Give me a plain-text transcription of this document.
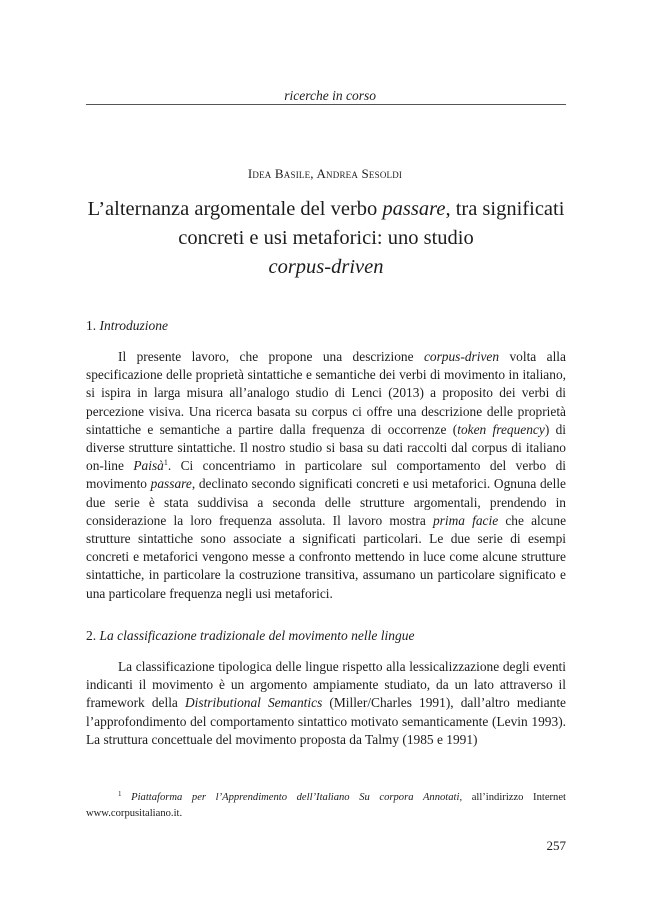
ricerche in corso
Idea Basile, Andrea Sesoldi
L’alternanza argomentale del verbo passare, tra significati concreti e usi metaforici: uno studio
corpus-driven
1. Introduzione

Il presente lavoro, che propone una descrizione corpus-driven volta alla specificazione delle proprietà sintattiche e semantiche dei verbi di movimento in italiano, si ispira in larga misura all’analogo studio di Lenci (2013) a proposito dei verbi di percezione visiva. Una ricerca basata su corpus ci offre una descrizione delle proprietà sintattiche e semantiche a partire dalla frequenza di occorrenze (token frequency) di diverse strutture sintattiche. Il nostro studio si basa su dati raccolti dal corpus di italiano on-line Paisà$^1$. Ci concentriamo in particolare sul comportamento del verbo di movimento passare, declinato secondo significati concreti e usi metaforici. Ognuna delle due serie è stata suddivisa a seconda delle strutture argomentali, prendendo in considerazione la loro frequenza assoluta. Il lavoro mostra prima facie che alcune strutture sintattiche sono associate a significati particolari. Le due serie di esempi concreti e metaforici vengono messe a confronto mettendo in luce come alcune strutture sintattiche, in particolare la costruzione transitiva, assumano un particolare significato e una particolare frequenza negli usi metaforici.

2. La classificazione tradizionale del movimento nelle lingue

La classificazione tipologica delle lingue rispetto alla lessicalizzazione degli eventi indicanti il movimento è un argomento ampiamente studiato, da un lato attraverso il framework della Distributional Semantics (Miller/Charles 1991), dall’altro mediante l’approfondimento del comportamento sintattico motivato semanticamente (Levin 1993). La struttura concettuale del movimento proposta da Talmy (1985 e 1991)

$^1$ Piattaforma per l’Apprendimento dell’Italiano Su corpora Annotati, all’indirizzo Internet www.corpusitaliano.it.
257
